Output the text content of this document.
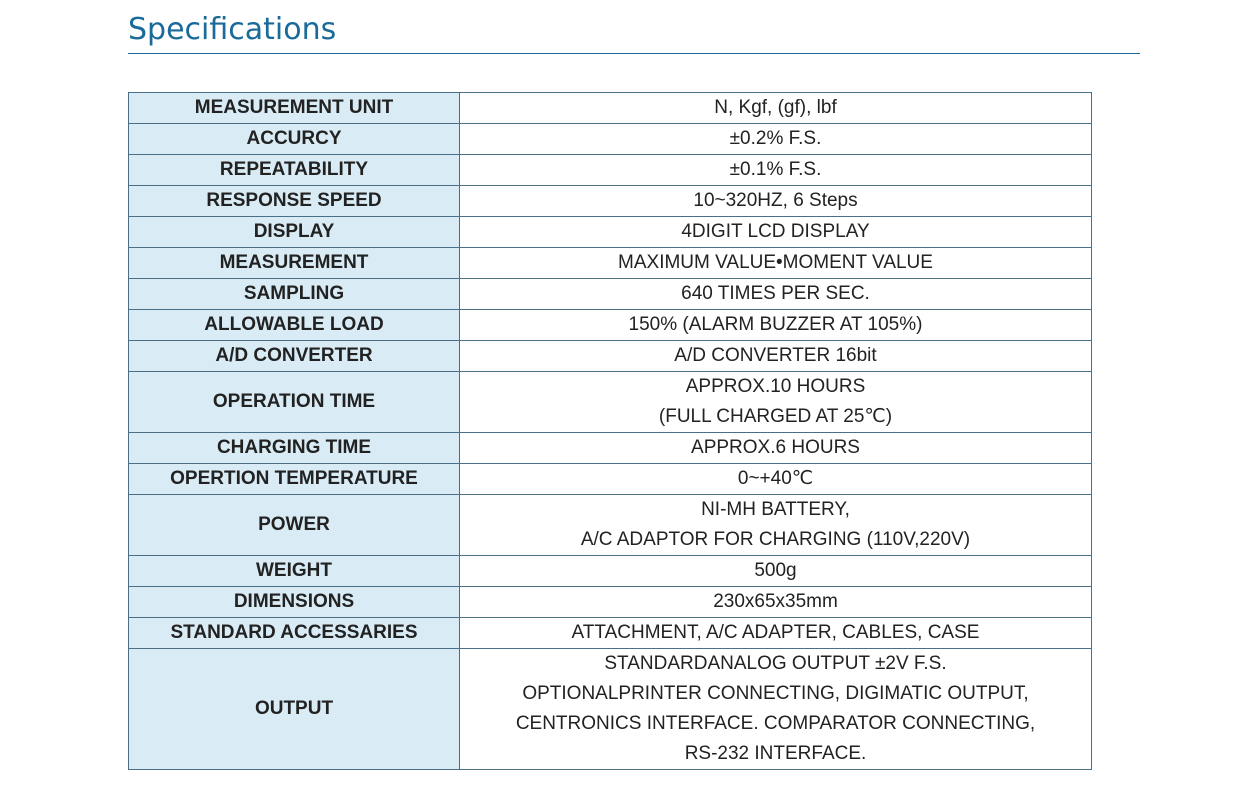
Specifications
MEASUREMENT UNIT	N, Kgf, (gf), lbf

ACCURCY	±0.2% F.S.

REPEATABILITY	±0.1% F.S.

RESPONSE SPEED	10~320HZ, 6 Steps

DISPLAY	4DIGIT LCD DISPLAY

MEASUREMENT	MAXIMUM VALUE•MOMENT VALUE

SAMPLING	640 TIMES PER SEC.

ALLOWABLE LOAD	150% (ALARM BUZZER AT 105%)

A/D CONVERTER	A/D CONVERTER 16bit

OPERATION TIME	APPROX.10 HOURS
(FULL CHARGED AT 25℃)

CHARGING TIME	APPROX.6 HOURS

OPERTION TEMPERATURE	0~+40℃

POWER	NI-MH BATTERY,
A/C ADAPTOR FOR CHARGING (110V,220V)

WEIGHT	500g

DIMENSIONS	230x65x35mm

STANDARD ACCESSARIES	ATTACHMENT, A/C ADAPTER, CABLES, CASE

OUTPUT	STANDARDANALOG OUTPUT ±2V F.S.
OPTIONALPRINTER CONNECTING, DIGIMATIC OUTPUT,
CENTRONICS INTERFACE. COMPARATOR CONNECTING,
RS-232 INTERFACE.
